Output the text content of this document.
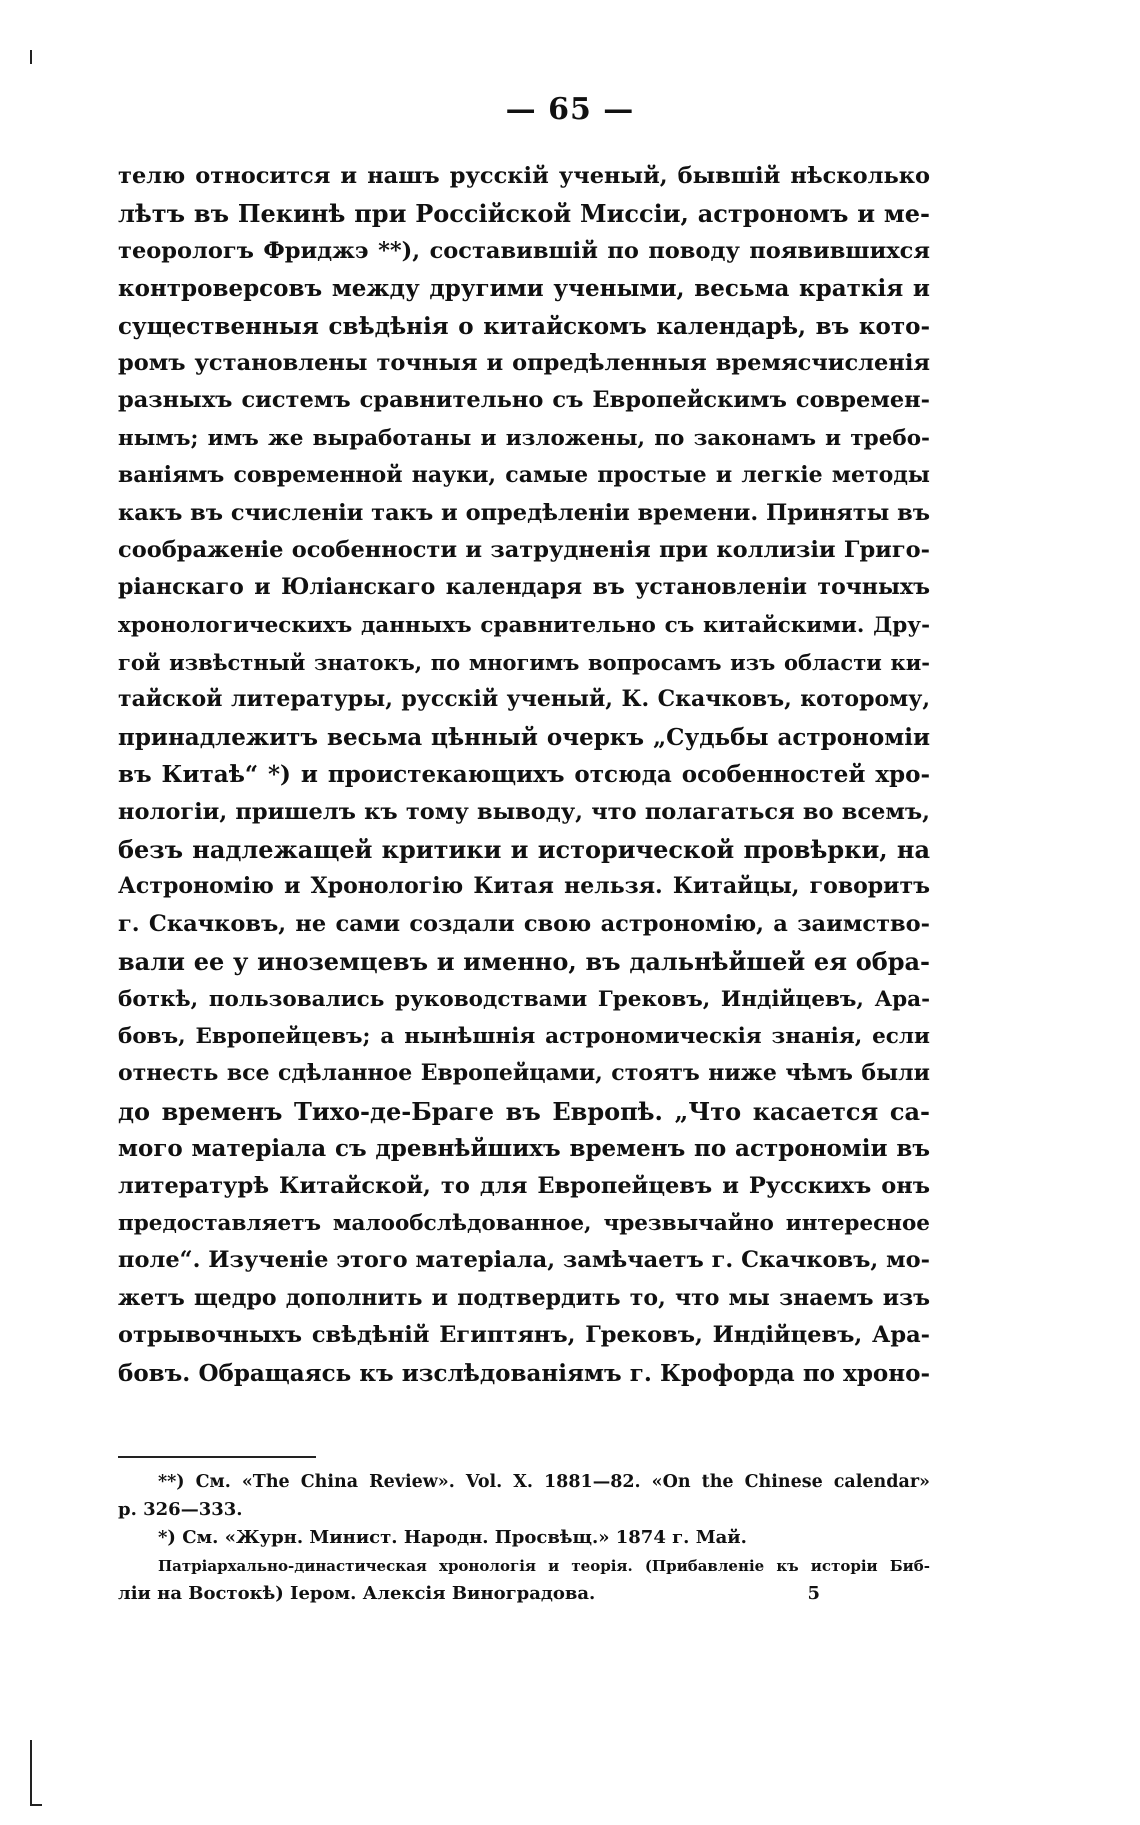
— 65 —
телю относится и нашъ русскій ученый, бывшій нѣсколько
лѣтъ въ Пекинѣ при Россійской Миссіи, астрономъ и ме-
теорологъ Фриджэ **), составившій по поводу появившихся
контроверсовъ между другими учеными, весьма краткія и
существенныя свѣдѣнія о китайскомъ календарѣ, въ кото-
ромъ установлены точныя и опредѣленныя времясчисленія
разныхъ системъ сравнительно съ Европейскимъ современ-
нымъ; имъ же выработаны и изложены, по законамъ и требо-
ваніямъ современной науки, самые простые и легкіе методы
какъ въ счисленіи такъ и опредѣленіи времени. Приняты въ
соображеніе особенности и затрудненія при коллизіи Григо-
ріанскаго и Юліанскаго календаря въ установленіи точныхъ
хронологическихъ данныхъ сравнительно съ китайскими. Дру-
гой извѣстный знатокъ, по многимъ вопросамъ изъ области ки-
тайской литературы, русскій ученый, К. Скачковъ, которому,
принадлежитъ весьма цѣнный очеркъ „Судьбы астрономіи
въ Китаѣ“ *) и проистекающихъ отсюда особенностей хро-
нологіи, пришелъ къ тому выводу, что полагаться во всемъ,
безъ надлежащей критики и исторической провѣрки, на
Астрономію и Хронологію Китая нельзя. Китайцы, говоритъ
г. Скачковъ, не сами создали свою астрономію, а заимство-
вали ее у иноземцевъ и именно, въ дальнѣйшей ея обра-
боткѣ, пользовались руководствами Грековъ, Индійцевъ, Ара-
бовъ, Европейцевъ; а нынѣшнія астрономическія знанія, если
отнесть все сдѣланное Европейцами, стоятъ ниже чѣмъ были
до временъ Тихо-де-Браге въ Европѣ. „Что касается са-
мого матеріала съ древнѣйшихъ временъ по астрономіи въ
литературѣ Китайской, то для Европейцевъ и Русскихъ онъ
предоставляетъ малообслѣдованное, чрезвычайно интересное
поле“. Изученіе этого матеріала, замѣчаетъ г. Скачковъ, мо-
жетъ щедро дополнить и подтвердить то, что мы знаемъ изъ
отрывочныхъ свѣдѣній Египтянъ, Грековъ, Индійцевъ, Ара-
бовъ. Обращаясь къ изслѣдованіямъ г. Крофорда по хроно-
**) См. «The China Review». Vol. X. 1881—82. «On the Chinese calendar»
p. 326—333.
*) См. «Журн. Минист. Народн. Просвѣщ.» 1874 г. Май.
Патріархально-династическая хронологія и теорія. (Прибавленіе къ исторіи Биб-
ліи на Востокѣ) Іером. Алексія Виноградова.	5
